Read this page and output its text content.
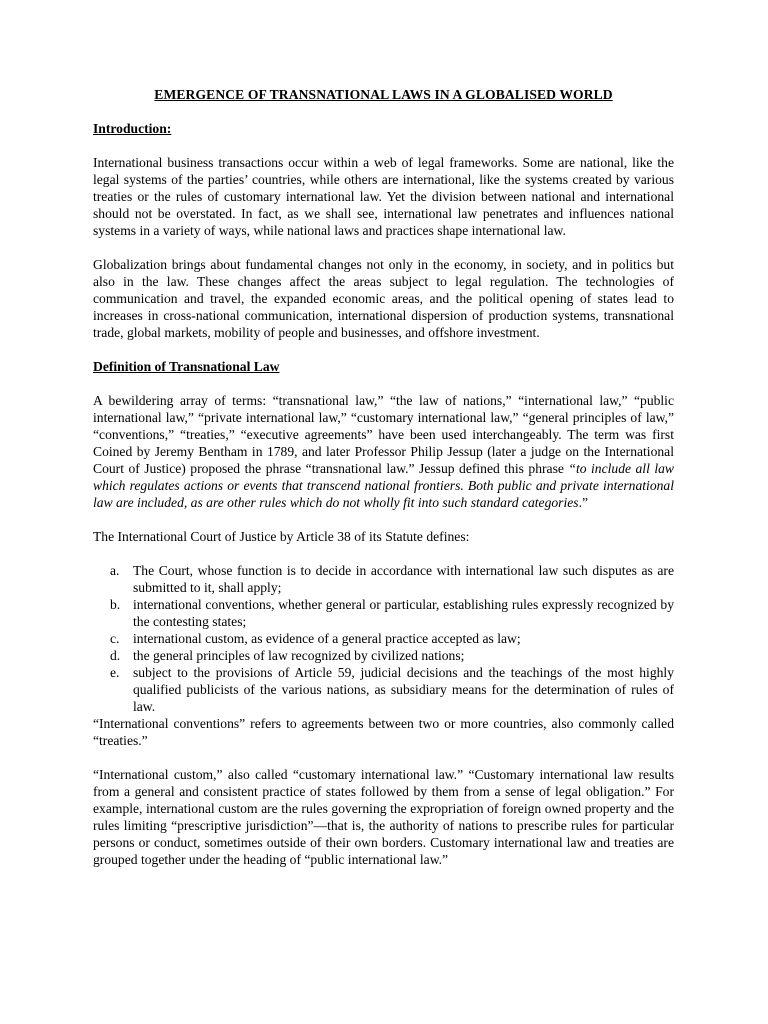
EMERGENCE OF TRANSNATIONAL LAWS IN A GLOBALISED WORLD
Introduction:

International business transactions occur within a web of legal frameworks. Some are national, like the legal systems of the parties’ countries, while others are international, like the systems created by various treaties or the rules of customary international law. Yet the division between national and international should not be overstated. In fact, as we shall see, international law penetrates and influences national systems in a variety of ways, while national laws and practices shape international law.

Globalization brings about fundamental changes not only in the economy, in society, and in politics but also in the law. These changes affect the areas subject to legal regulation. The technologies of communication and travel, the expanded economic areas, and the political opening of states lead to increases in cross-national communication, international dispersion of production systems, transnational trade, global markets, mobility of people and businesses, and offshore investment.

Definition of Transnational Law

A bewildering array of terms: “transnational law,” “the law of nations,” “international law,” “public international law,” “private international law,” “customary international law,” “general principles of law,” “conventions,” “treaties,” “executive agreements” have been used interchangeably. The term was first Coined by Jeremy Bentham in 1789, and later Professor Philip Jessup (later a judge on the International Court of Justice) proposed the phrase “transnational law.” Jessup defined this phrase “to include all law which regulates actions or events that transcend national frontiers. Both public and private international law are included, as are other rules which do not wholly fit into such standard categories.”

The International Court of Justice by Article 38 of its Statute defines:

a. The Court, whose function is to decide in accordance with international law such disputes as are submitted to it, shall apply;
b. international conventions, whether general or particular, establishing rules expressly recognized by the contesting states;
c. international custom, as evidence of a general practice accepted as law;
d. the general principles of law recognized by civilized nations;
e. subject to the provisions of Article 59, judicial decisions and the teachings of the most highly qualified publicists of the various nations, as subsidiary means for the determination of rules of law.

“International conventions” refers to agreements between two or more countries, also commonly called “treaties.”

“International custom,” also called “customary international law.” “Customary international law results from a general and consistent practice of states followed by them from a sense of legal obligation.” For example, international custom are the rules governing the expropriation of foreign owned property and the rules limiting “prescriptive jurisdiction”—that is, the authority of nations to prescribe rules for particular persons or conduct, sometimes outside of their own borders. Customary international law and treaties are grouped together under the heading of “public international law.”
